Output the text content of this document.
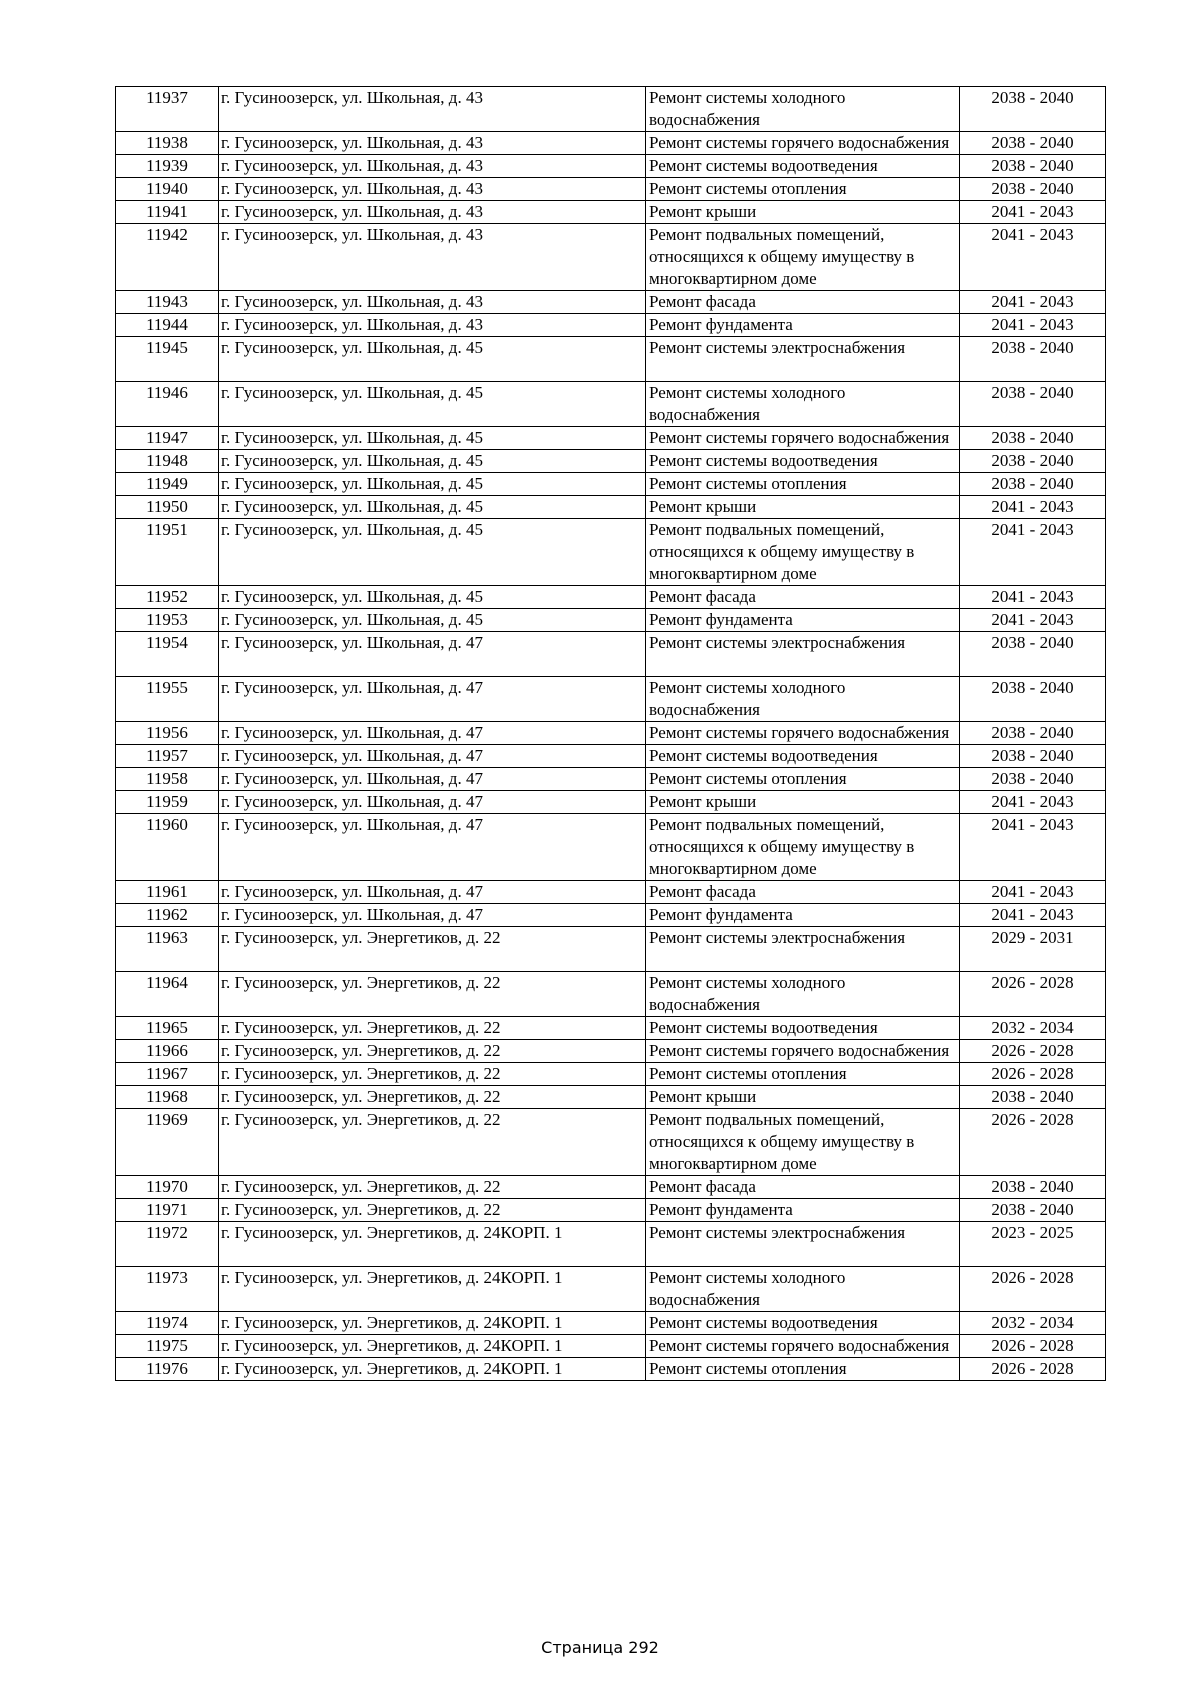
11937	г. Гусиноозерск, ул. Школьная, д. 43	Ремонт системы холодного водоснабжения	2038 - 2040
11938	г. Гусиноозерск, ул. Школьная, д. 43	Ремонт системы горячего водоснабжения	2038 - 2040
11939	г. Гусиноозерск, ул. Школьная, д. 43	Ремонт системы водоотведения	2038 - 2040
11940	г. Гусиноозерск, ул. Школьная, д. 43	Ремонт системы отопления	2038 - 2040
11941	г. Гусиноозерск, ул. Школьная, д. 43	Ремонт крыши	2041 - 2043
11942	г. Гусиноозерск, ул. Школьная, д. 43	Ремонт подвальных помещений, относящихся к общему имуществу в многоквартирном доме	2041 - 2043
11943	г. Гусиноозерск, ул. Школьная, д. 43	Ремонт фасада	2041 - 2043
11944	г. Гусиноозерск, ул. Школьная, д. 43	Ремонт фундамента	2041 - 2043
11945	г. Гусиноозерск, ул. Школьная, д. 45	Ремонт системы электроснабжения	2038 - 2040
11946	г. Гусиноозерск, ул. Школьная, д. 45	Ремонт системы холодного водоснабжения	2038 - 2040
11947	г. Гусиноозерск, ул. Школьная, д. 45	Ремонт системы горячего водоснабжения	2038 - 2040
11948	г. Гусиноозерск, ул. Школьная, д. 45	Ремонт системы водоотведения	2038 - 2040
11949	г. Гусиноозерск, ул. Школьная, д. 45	Ремонт системы отопления	2038 - 2040
11950	г. Гусиноозерск, ул. Школьная, д. 45	Ремонт крыши	2041 - 2043
11951	г. Гусиноозерск, ул. Школьная, д. 45	Ремонт подвальных помещений, относящихся к общему имуществу в многоквартирном доме	2041 - 2043
11952	г. Гусиноозерск, ул. Школьная, д. 45	Ремонт фасада	2041 - 2043
11953	г. Гусиноозерск, ул. Школьная, д. 45	Ремонт фундамента	2041 - 2043
11954	г. Гусиноозерск, ул. Школьная, д. 47	Ремонт системы электроснабжения	2038 - 2040
11955	г. Гусиноозерск, ул. Школьная, д. 47	Ремонт системы холодного водоснабжения	2038 - 2040
11956	г. Гусиноозерск, ул. Школьная, д. 47	Ремонт системы горячего водоснабжения	2038 - 2040
11957	г. Гусиноозерск, ул. Школьная, д. 47	Ремонт системы водоотведения	2038 - 2040
11958	г. Гусиноозерск, ул. Школьная, д. 47	Ремонт системы отопления	2038 - 2040
11959	г. Гусиноозерск, ул. Школьная, д. 47	Ремонт крыши	2041 - 2043
11960	г. Гусиноозерск, ул. Школьная, д. 47	Ремонт подвальных помещений, относящихся к общему имуществу в многоквартирном доме	2041 - 2043
11961	г. Гусиноозерск, ул. Школьная, д. 47	Ремонт фасада	2041 - 2043
11962	г. Гусиноозерск, ул. Школьная, д. 47	Ремонт фундамента	2041 - 2043
11963	г. Гусиноозерск, ул. Энергетиков, д. 22	Ремонт системы электроснабжения	2029 - 2031
11964	г. Гусиноозерск, ул. Энергетиков, д. 22	Ремонт системы холодного водоснабжения	2026 - 2028
11965	г. Гусиноозерск, ул. Энергетиков, д. 22	Ремонт системы водоотведения	2032 - 2034
11966	г. Гусиноозерск, ул. Энергетиков, д. 22	Ремонт системы горячего водоснабжения	2026 - 2028
11967	г. Гусиноозерск, ул. Энергетиков, д. 22	Ремонт системы отопления	2026 - 2028
11968	г. Гусиноозерск, ул. Энергетиков, д. 22	Ремонт крыши	2038 - 2040
11969	г. Гусиноозерск, ул. Энергетиков, д. 22	Ремонт подвальных помещений, относящихся к общему имуществу в многоквартирном доме	2026 - 2028
11970	г. Гусиноозерск, ул. Энергетиков, д. 22	Ремонт фасада	2038 - 2040
11971	г. Гусиноозерск, ул. Энергетиков, д. 22	Ремонт фундамента	2038 - 2040
11972	г. Гусиноозерск, ул. Энергетиков, д. 24КОРП. 1	Ремонт системы электроснабжения	2023 - 2025
11973	г. Гусиноозерск, ул. Энергетиков, д. 24КОРП. 1	Ремонт системы холодного водоснабжения	2026 - 2028
11974	г. Гусиноозерск, ул. Энергетиков, д. 24КОРП. 1	Ремонт системы водоотведения	2032 - 2034
11975	г. Гусиноозерск, ул. Энергетиков, д. 24КОРП. 1	Ремонт системы горячего водоснабжения	2026 - 2028
11976	г. Гусиноозерск, ул. Энергетиков, д. 24КОРП. 1	Ремонт системы отопления	2026 - 2028
Страница 292
